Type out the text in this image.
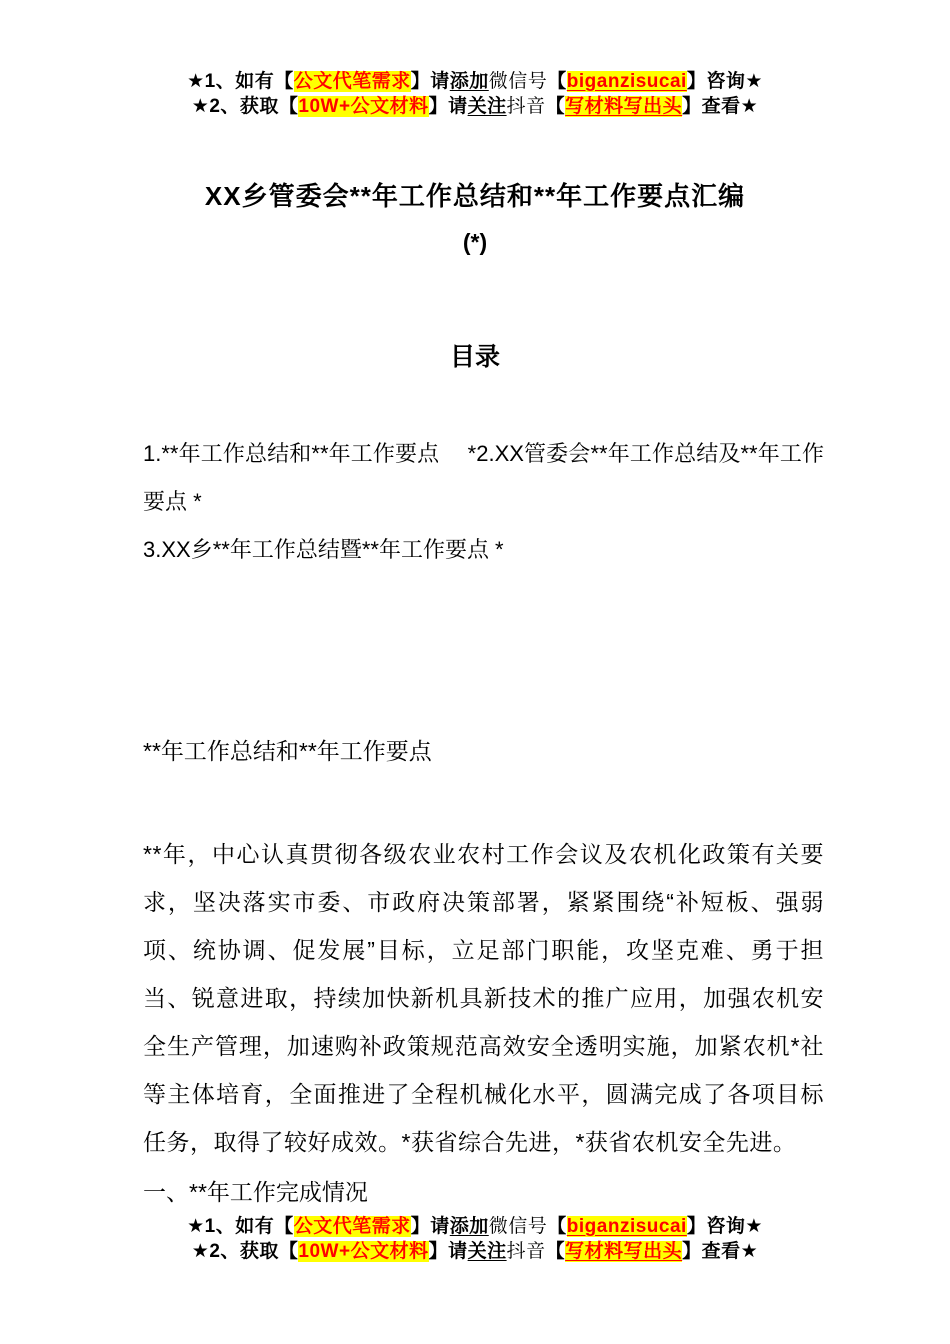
★1、如有【公文代笔需求】请添加微信号【biganzisucai】咨询★
★2、获取【10W+公文材料】请关注抖音【写材料写出头】查看★
XX乡管委会**年工作总结和**年工作要点汇编
(*)
目录

1.**年工作总结和**年工作要点　 *2.XX管委会**年工作总结及**年工作要点 *

3.XX乡**年工作总结暨**年工作要点 *

**年工作总结和**年工作要点

**年，中心认真贯彻各级农业农村工作会议及农机化政策有关要求，坚决落实市委、市政府决策部署，紧紧围绕“补短板、强弱项、统协调、促发展”目标，立足部门职能，攻坚克难、勇于担当、锐意进取，持续加快新机具新技术的推广应用，加强农机安全生产管理，加速购补政策规范高效安全透明实施，加紧农机*社等主体培育，全面推进了全程机械化水平，圆满完成了各项目标任务，取得了较好成效。*获省综合先进，*获省农机安全先进。

一、**年工作完成情况

★1、如有【公文代笔需求】请添加微信号【biganzisucai】咨询★
★2、获取【10W+公文材料】请关注抖音【写材料写出头】查看★
